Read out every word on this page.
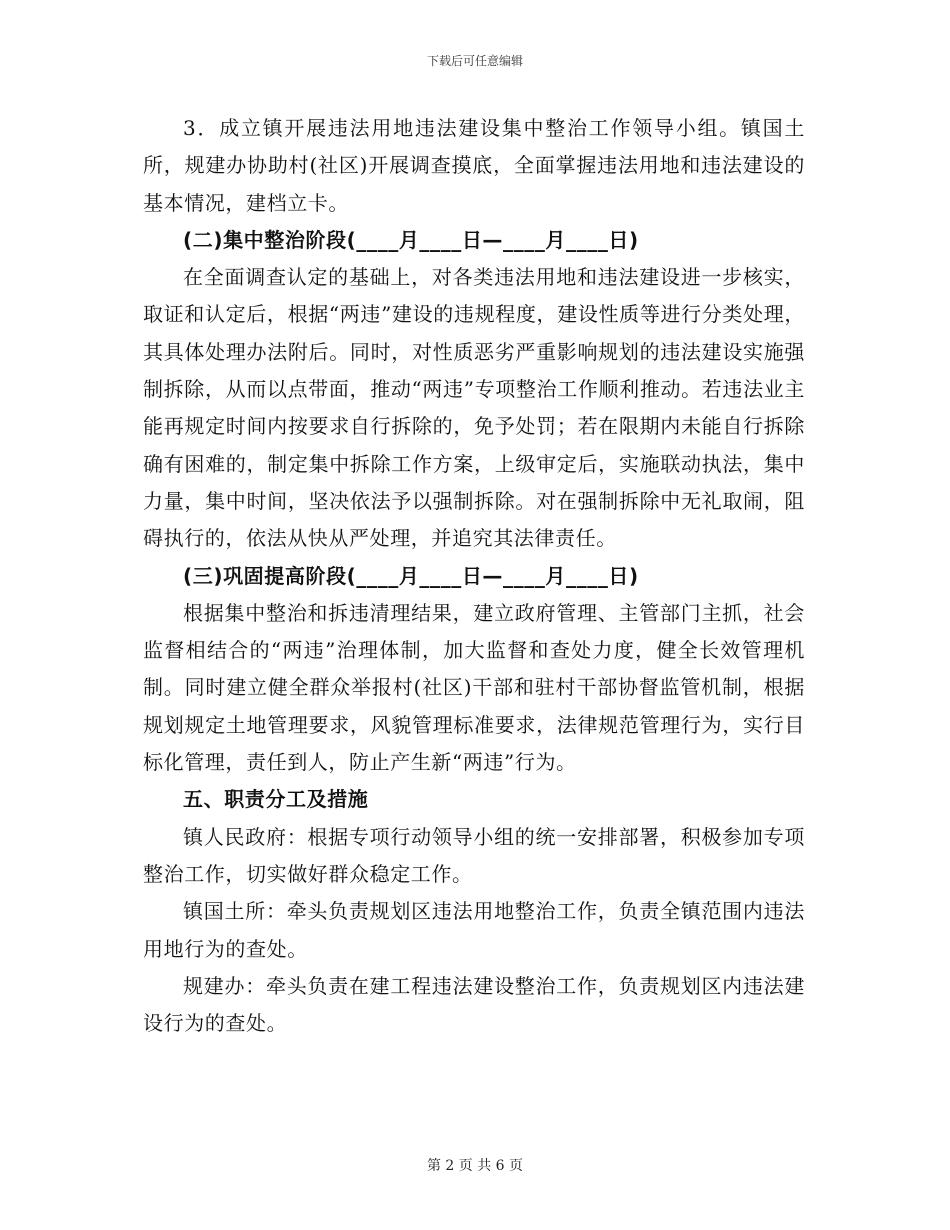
下载后可任意编辑

3．成立镇开展违法用地违法建设集中整治工作领导小组。镇国土所，规建办协助村(社区)开展调查摸底，全面掌握违法用地和违法建设的基本情况，建档立卡。

(二)集中整治阶段(____月____日—____月____日)

在全面调查认定的基础上，对各类违法用地和违法建设进一步核实，取证和认定后，根据“两违”建设的违规程度，建设性质等进行分类处理，其具体处理办法附后。同时，对性质恶劣严重影响规划的违法建设实施强制拆除，从而以点带面，推动“两违”专项整治工作顺利推动。若违法业主能再规定时间内按要求自行拆除的，免予处罚；若在限期内未能自行拆除确有困难的，制定集中拆除工作方案，上级审定后，实施联动执法，集中力量，集中时间，坚决依法予以强制拆除。对在强制拆除中无礼取闹，阻碍执行的，依法从快从严处理，并追究其法律责任。

(三)巩固提高阶段(____月____日—____月____日)

根据集中整治和拆违清理结果，建立政府管理、主管部门主抓，社会监督相结合的“两违”治理体制，加大监督和查处力度，健全长效管理机制。同时建立健全群众举报村(社区)干部和驻村干部协督监管机制，根据规划规定土地管理要求，风貌管理标准要求，法律规范管理行为，实行目标化管理，责任到人，防止产生新“两违”行为。

五、职责分工及措施

镇人民政府：根据专项行动领导小组的统一安排部署，积极参加专项整治工作，切实做好群众稳定工作。

镇国土所：牵头负责规划区违法用地整治工作，负责全镇范围内违法用地行为的查处。

规建办：牵头负责在建工程违法建设整治工作，负责规划区内违法建设行为的查处。

第 2 页 共 6 页
